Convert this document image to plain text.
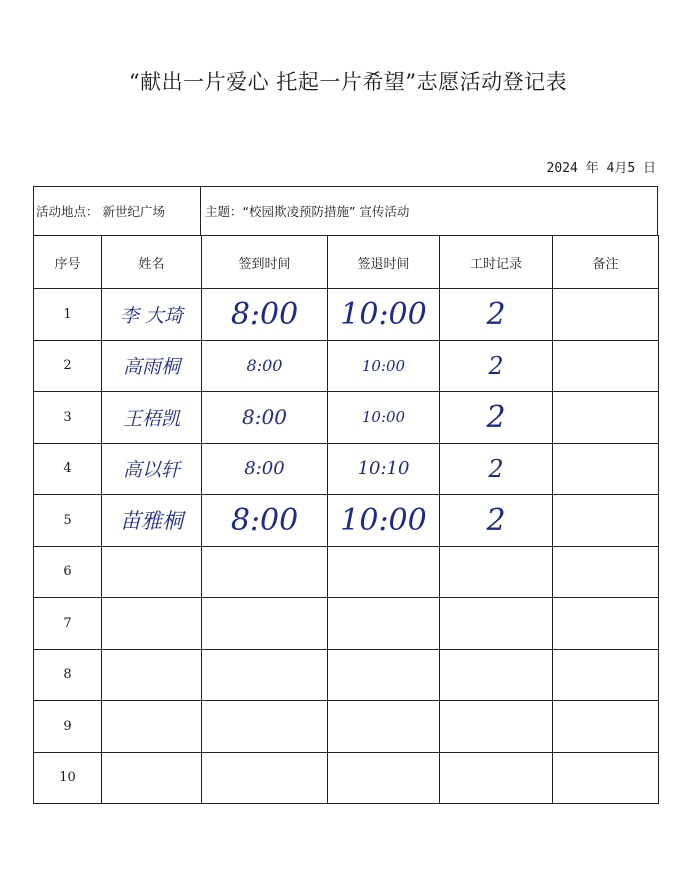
“献出一片爱心 托起一片希望”志愿活动登记表
2024 年 4月5 日
活动地点： 新世纪广场	主题：“校园欺凌预防措施” 宣传活动
序号	姓名	签到时间	签退时间	工时记录	备注
1	李 大琦	8:00	10:00	2	
2	高雨桐	8:00	10:00	2	
3	王梧凯	8:00	10:00	2	
4	高以轩	8:00	10:10	2	
5	苗雅桐	8:00	10:00	2	
6					
7					
8					
9					
10					
